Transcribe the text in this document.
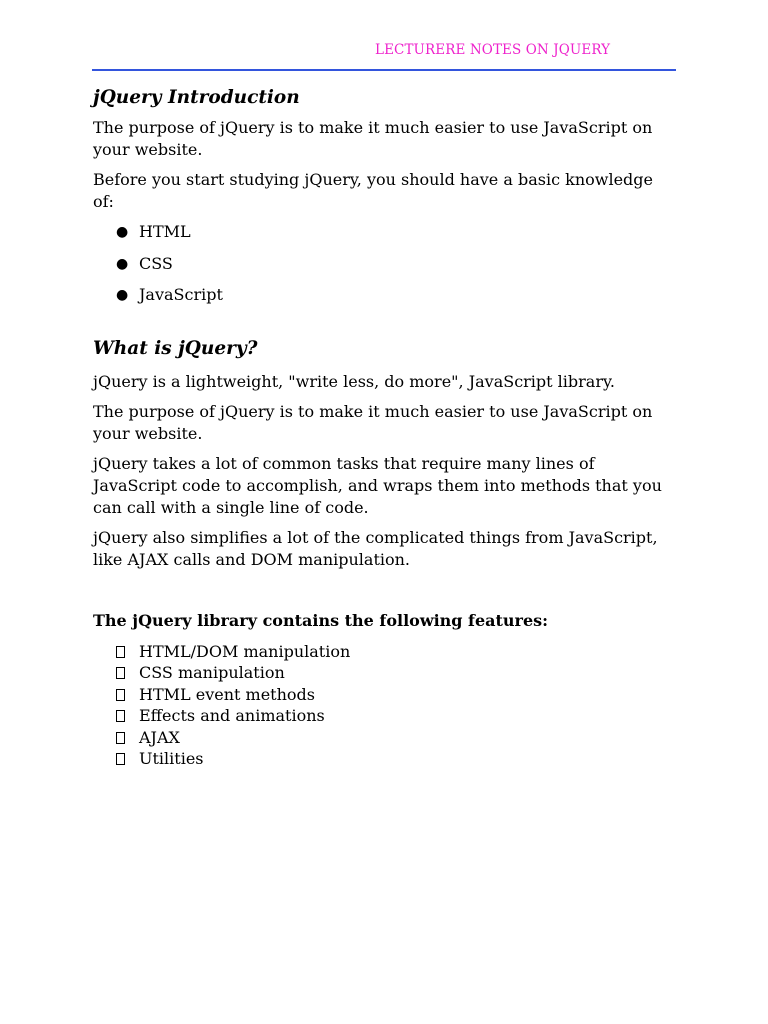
LECTURERE NOTES ON JQUERY
jQuery Introduction

The purpose of jQuery is to make it much easier to use JavaScript on your website.

Before you start studying jQuery, you should have a basic knowledge of:

● HTML
● CSS
● JavaScript
What is jQuery?

jQuery is a lightweight, "write less, do more", JavaScript library.

The purpose of jQuery is to make it much easier to use JavaScript on your website.

jQuery takes a lot of common tasks that require many lines of JavaScript code to accomplish, and wraps them into methods that you can call with a single line of code.

jQuery also simplifies a lot of the complicated things from JavaScript, like AJAX calls and DOM manipulation.

The jQuery library contains the following features:

HTML/DOM manipulation
CSS manipulation
HTML event methods
Effects and animations
AJAX
Utilities
